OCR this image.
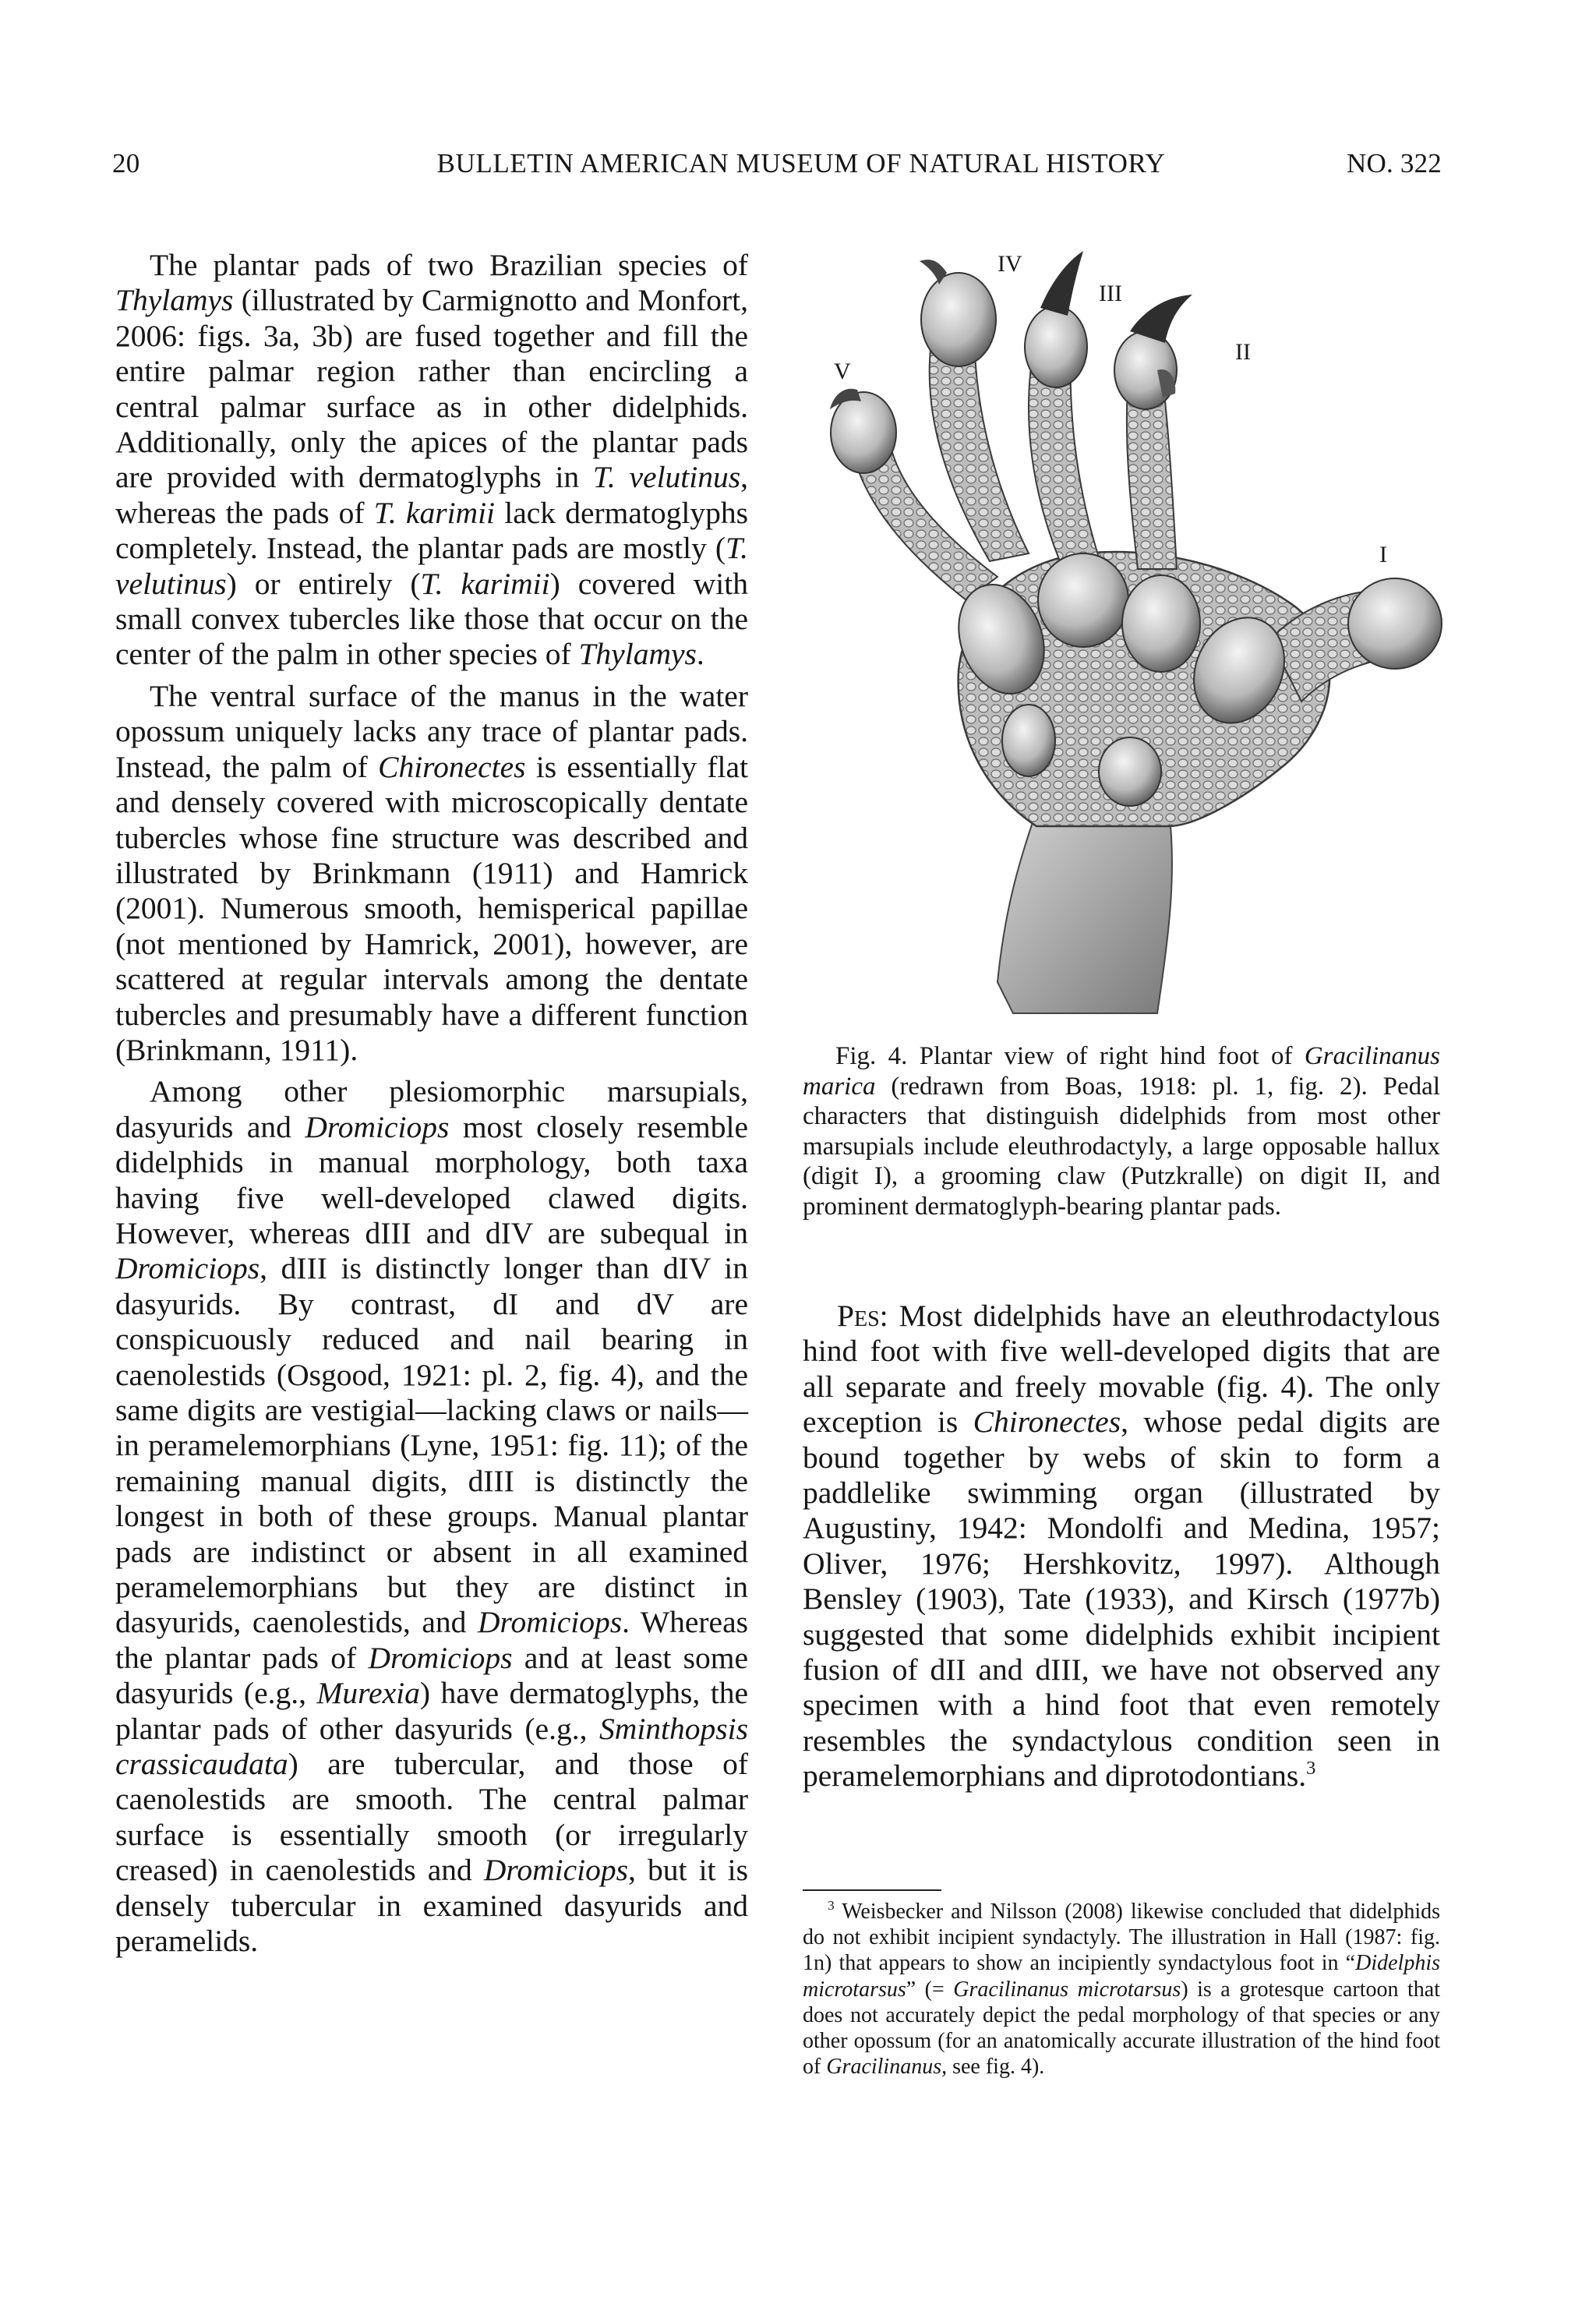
20	BULLETIN AMERICAN MUSEUM OF NATURAL HISTORY	NO. 322

The plantar pads of two Brazilian species of Thylamys (illustrated by Carmignotto and Monfort, 2006: figs. 3a, 3b) are fused together and fill the entire palmar region rather than encircling a central palmar surface as in other didelphids. Additionally, only the apices of the plantar pads are provided with dermatoglyphs in T. velutinus, whereas the pads of T. karimii lack dermatoglyphs completely. Instead, the plantar pads are mostly (T. velutinus) or entirely (T. karimii) covered with small convex tubercles like those that occur on the center of the palm in other species of Thylamys.

The ventral surface of the manus in the water opossum uniquely lacks any trace of plantar pads. Instead, the palm of Chironectes is essentially flat and densely covered with microscopically dentate tubercles whose fine structure was described and illustrated by Brinkmann (1911) and Hamrick (2001). Numerous smooth, hemisperical papillae (not mentioned by Hamrick, 2001), however, are scattered at regular intervals among the dentate tubercles and presumably have a different function (Brinkmann, 1911).

Among other plesiomorphic marsupials, dasyurids and Dromiciops most closely resemble didelphids in manual morphology, both taxa having five well-developed clawed digits. However, whereas dIII and dIV are subequal in Dromiciops, dIII is distinctly longer than dIV in dasyurids. By contrast, dI and dV are conspicuously reduced and nail bearing in caenolestids (Osgood, 1921: pl. 2, fig. 4), and the same digits are vestigial—lacking claws or nails—in peramelemorphians (Lyne, 1951: fig. 11); of the remaining manual digits, dIII is distinctly the longest in both of these groups. Manual plantar pads are indistinct or absent in all examined peramelemorphians but they are distinct in dasyurids, caenolestids, and Dromiciops. Whereas the plantar pads of Dromiciops and at least some dasyurids (e.g., Murexia) have dermatoglyphs, the plantar pads of other dasyurids (e.g., Sminthopsis crassicaudata) are tubercular, and those of caenolestids are smooth. The central palmar surface is essentially smooth (or irregularly creased) in caenolestids and Dromiciops, but it is densely tubercular in examined dasyurids and peramelids.

V
IV
III
II
I

Fig. 4. Plantar view of right hind foot of Gracilinanus marica (redrawn from Boas, 1918: pl. 1, fig. 2). Pedal characters that distinguish didelphids from most other marsupials include eleuthrodactyly, a large opposable hallux (digit I), a grooming claw (Putzkralle) on digit II, and prominent dermatoglyph-bearing plantar pads.

Pes: Most didelphids have an eleuthrodactylous hind foot with five well-developed digits that are all separate and freely movable (fig. 4). The only exception is Chironectes, whose pedal digits are bound together by webs of skin to form a paddlelike swimming organ (illustrated by Augustiny, 1942: Mondolfi and Medina, 1957; Oliver, 1976; Hershkovitz, 1997). Although Bensley (1903), Tate (1933), and Kirsch (1977b) suggested that some didelphids exhibit incipient fusion of dII and dIII, we have not observed any specimen with a hind foot that even remotely resembles the syndactylous condition seen in peramelemorphians and diprotodontians.$^3$

$^3$ Weisbecker and Nilsson (2008) likewise concluded that didelphids do not exhibit incipient syndactyly. The illustration in Hall (1987: fig. 1n) that appears to show an incipiently syndactylous foot in “Didelphis microtarsus” (= Gracilinanus microtarsus) is a grotesque cartoon that does not accurately depict the pedal morphology of that species or any other opossum (for an anatomically accurate illustration of the hind foot of Gracilinanus, see fig. 4).
